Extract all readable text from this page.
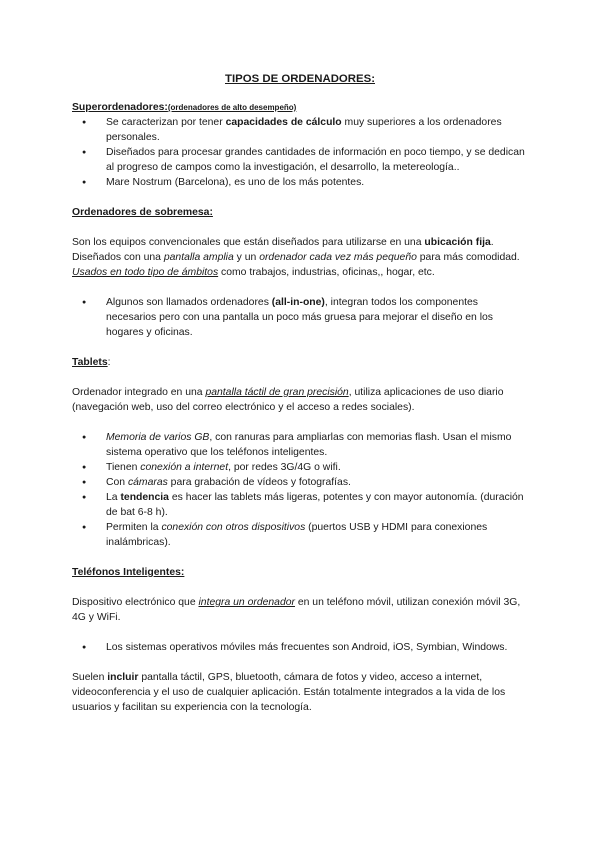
TIPOS DE ORDENADORES:

Superordenadores:(ordenadores de alto desempeño)

● Se caracterizan por tener capacidades de cálculo muy superiores a los ordenadores personales.
● Diseñados para procesar grandes cantidades de información en poco tiempo, y se dedican al progreso de campos como la investigación, el desarrollo, la metereología..
● Mare Nostrum (Barcelona), es uno de los más potentes.

Ordenadores de sobremesa:

Son los equipos convencionales que están diseñados para utilizarse en una ubicación fija. Diseñados con una pantalla amplia y un ordenador cada vez más pequeño para más comodidad. Usados en todo tipo de ámbitos como trabajos, industrias, oficinas,, hogar, etc.

● Algunos son llamados ordenadores (all-in-one), integran todos los componentes necesarios pero con una pantalla un poco más gruesa para mejorar el diseño en los hogares y oficinas.

Tablets:

Ordenador integrado en una pantalla táctil de gran precisión, utiliza aplicaciones de uso diario (navegación web, uso del correo electrónico y el acceso a redes sociales).

● Memoria de varios GB, con ranuras para ampliarlas con memorias flash. Usan el mismo sistema operativo que los teléfonos inteligentes.
● Tienen conexión a internet, por redes 3G/4G o wifi.
● Con cámaras para grabación de vídeos y fotografías.
● La tendencia es hacer las tablets más ligeras, potentes y con mayor autonomía. (duración de bat 6-8 h).
● Permiten la conexión con otros dispositivos (puertos USB y HDMI para conexiones inalámbricas).

Teléfonos Inteligentes:

Dispositivo electrónico que integra un ordenador en un teléfono móvil, utilizan conexión móvil 3G, 4G y WiFi.

● Los sistemas operativos móviles más frecuentes son Android, iOS, Symbian, Windows.

Suelen incluir pantalla táctil, GPS, bluetooth, cámara de fotos y video, acceso a internet, videoconferencia y el uso de cualquier aplicación. Están totalmente integrados a la vida de los usuarios y facilitan su experiencia con la tecnología.
